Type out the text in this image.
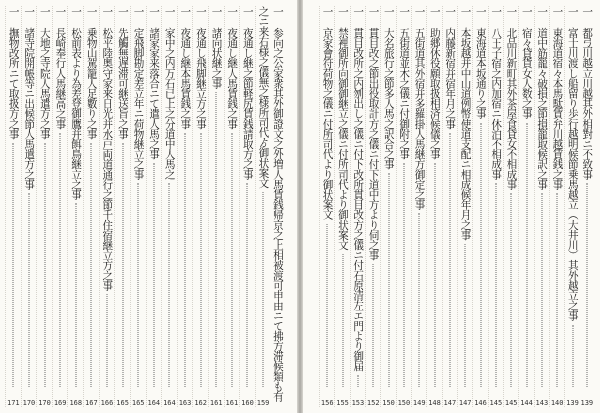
一 参向之公家衆其外御證文之外増人馬賃銭帰京之上相被渡可申由ニて拂方滞候類も有
之ニ来右様之儀無之様所司代ゟ御状案文
159
一 夜通し継之節軽尻賃銭請取方之事
160
一 夜通し継人馬賃銭之事
161
一 諸向状継之事
161
一 夜通し飛脚継立方之事
162
一 夜通し継本馬賃銭之事
163
一 家中之内万石已上之分道中人馬之
164
一 諸家家来落合ニて遣人馬之事
164
一 定飛脚勘定差立年ニ荷物継立之事
165
一 先觸無遅滞可継送旨之事
165
一 松平陸奥守家来日光并水戸両道通行之節千住宿継立方之事
166
一 乗物山駕籠人足數り之事
167
一 松前表より為差登御鷹并餌鳥継立之事
168
一 長崎奉行人馬継高之事
169
一 大地之寺院人馬遣方之事
170
一 諸寺院開帳等ニ出候節人馬遣方之事
170
一 撫物改所ニて取扱方之事
171
一 都弖川越立川越其外相對ニ不致事
139
一 富士川渡し船留り歩行越明候節乗馬越立（大井川）其外越立之事
139
一 東海道宿々本馬駄賃弁川越賃銭之事
140
一 道中筋籠々破損之節損籠取候訳之事
143
一 宿々貸貨女人数之事
144
一 北品川新町其外茶屋食貸女不相成事
145
一 八王子宿之内加宿ニ休泊不相成事
145
一 東海道本坂通り之事
146
一 本坂越并中山道例幣使道支配ニ相成候年月之事
147
一 内藤新宿并宿年月之事
147
一 助郷休役願取扱相済候儀之事
148
一 五街道其外宿并多羅掛人馬継方御定之事
149
一 五街道並木之儀ニ付御附之事
150
一 大名旅行之節多人馬之訳合之事
150
一 貫目改之節出役取計方之儀ニ付下道中方より伺之事
152
一 貫目改所之内刎出し之儀ニ付下改所貫目改方之儀ニ付石原清左エ門より御届
153
一 禁裡御所向御御継立之儀ニ付所司代より御状案文
155
一 京家會符荷物之儀ニ付所司代より御状案文
156
